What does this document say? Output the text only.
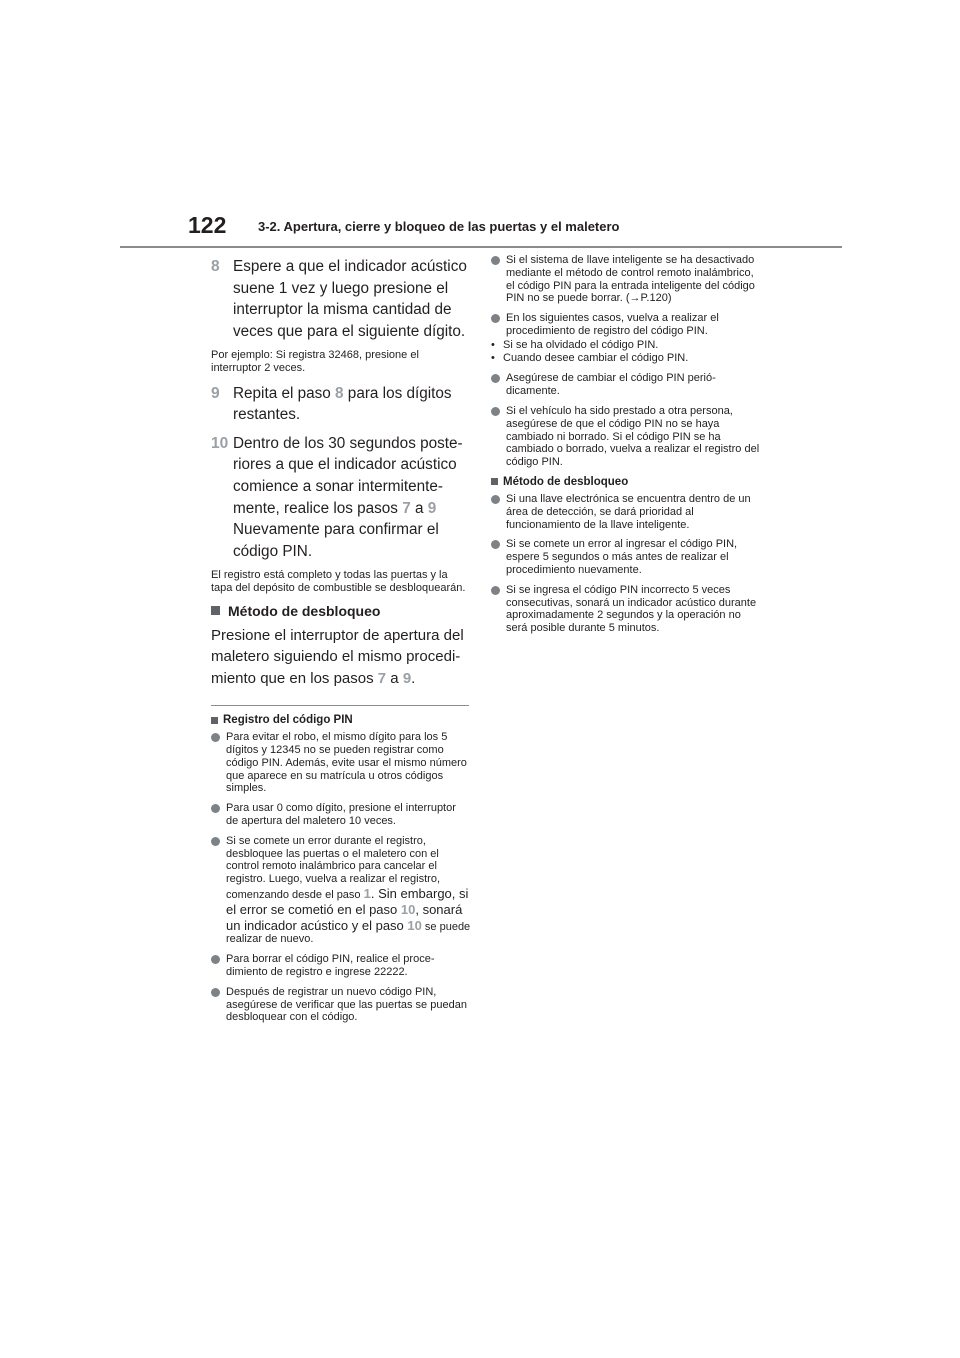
122 3-2. Apertura, cierre y bloqueo de las puertas y el maletero
8 Espere a que el indicador acústico suene 1 vez y luego presione el interruptor la misma cantidad de veces que para el siguiente dígito.
Por ejemplo: Si registra 32468, presione el interruptor 2 veces.
9 Repita el paso 8 para los dígitos restantes.
10 Dentro de los 30 segundos posteriores a que el indicador acústico comience a sonar intermitentemente, realice los pasos 7 a 9 Nuevamente para confirmar el código PIN.
El registro está completo y todas las puertas y la tapa del depósito de combustible se desbloquearán.
Método de desbloqueo
Presione el interruptor de apertura del maletero siguiendo el mismo procedimiento que en los pasos 7 a 9.
Registro del código PIN
Para evitar el robo, el mismo dígito para los 5 dígitos y 12345 no se pueden registrar como código PIN. Además, evite usar el mismo número que aparece en su matrícula u otros códigos simples.
Para usar 0 como dígito, presione el interruptor de apertura del maletero 10 veces.
Si se comete un error durante el registro, desbloquee las puertas o el maletero con el control remoto inalámbrico para cancelar el registro. Luego, vuelva a realizar el registro, comenzando desde el paso 1. Sin embargo, si el error se cometió en el paso 10, sonará un indicador acústico y el paso 10 se puede realizar de nuevo.
Para borrar el código PIN, realice el procedimiento de registro e ingrese 22222.
Después de registrar un nuevo código PIN, asegúrese de verificar que las puertas se puedan desbloquear con el código.
Si el sistema de llave inteligente se ha desactivado mediante el método de control remoto inalámbrico, el código PIN para la entrada inteligente del código PIN no se puede borrar. (→P.120)
En los siguientes casos, vuelva a realizar el procedimiento de registro del código PIN.
• Si se ha olvidado el código PIN.
• Cuando desee cambiar el código PIN.
Asegúrese de cambiar el código PIN periódicamente.
Si el vehículo ha sido prestado a otra persona, asegúrese de que el código PIN no se haya cambiado ni borrado. Si el código PIN se ha cambiado o borrado, vuelva a realizar el registro del código PIN.
Método de desbloqueo
Si una llave electrónica se encuentra dentro de un área de detección, se dará prioridad al funcionamiento de la llave inteligente.
Si se comete un error al ingresar el código PIN, espere 5 segundos o más antes de realizar el procedimiento nuevamente.
Si se ingresa el código PIN incorrecto 5 veces consecutivas, sonará un indicador acústico durante aproximadamente 2 segundos y la operación no será posible durante 5 minutos.
